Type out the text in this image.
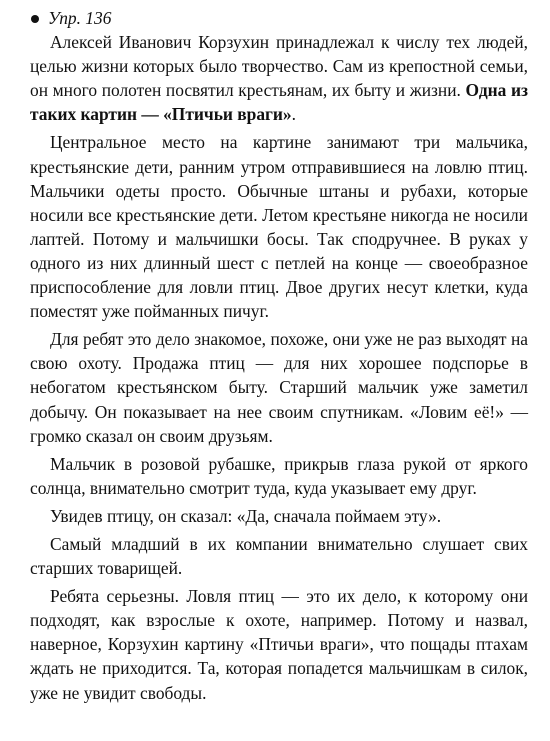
Упр. 136

Алексей Иванович Корзухин принадлежал к числу тех людей, целью жизни которых было творчество. Сам из крепостной семьи, он много полотен посвятил крестьянам, их быту и жизни. Одна из таких картин — «Птичьи враги».

Центральное место на картине занимают три мальчика, крестьянские дети, ранним утром отправившиеся на ловлю птиц. Мальчики одеты просто. Обычные штаны и рубахи, которые носили все крестьянские дети. Летом крестьяне никогда не носили лаптей. Потому и мальчишки босы. Так сподручнее. В руках у одного из них длинный шест с петлей на конце — своеобразное приспособление для ловли птиц. Двое других несут клетки, куда поместят уже пойманных пичуг.

Для ребят это дело знакомое, похоже, они уже не раз выходят на свою охоту. Продажа птиц — для них хорошее подспорье в небогатом крестьянском быту. Старший мальчик уже заметил добычу. Он показывает на нее своим спутникам. «Ловим её!» — громко сказал он своим друзьям.

Мальчик в розовой рубашке, прикрыв глаза рукой от яркого солнца, внимательно смотрит туда, куда указывает ему друг.

Увидев птицу, он сказал: «Да, сначала поймаем эту».

Самый младший в их компании внимательно слушает свих старших товарищей.

Ребята серьезны. Ловля птиц — это их дело, к которому они подходят, как взрослые к охоте, например. Потому и назвал, наверное, Корзухин картину «Птичьи враги», что пощады птахам ждать не приходится. Та, которая попадется мальчишкам в силок, уже не увидит свободы.
